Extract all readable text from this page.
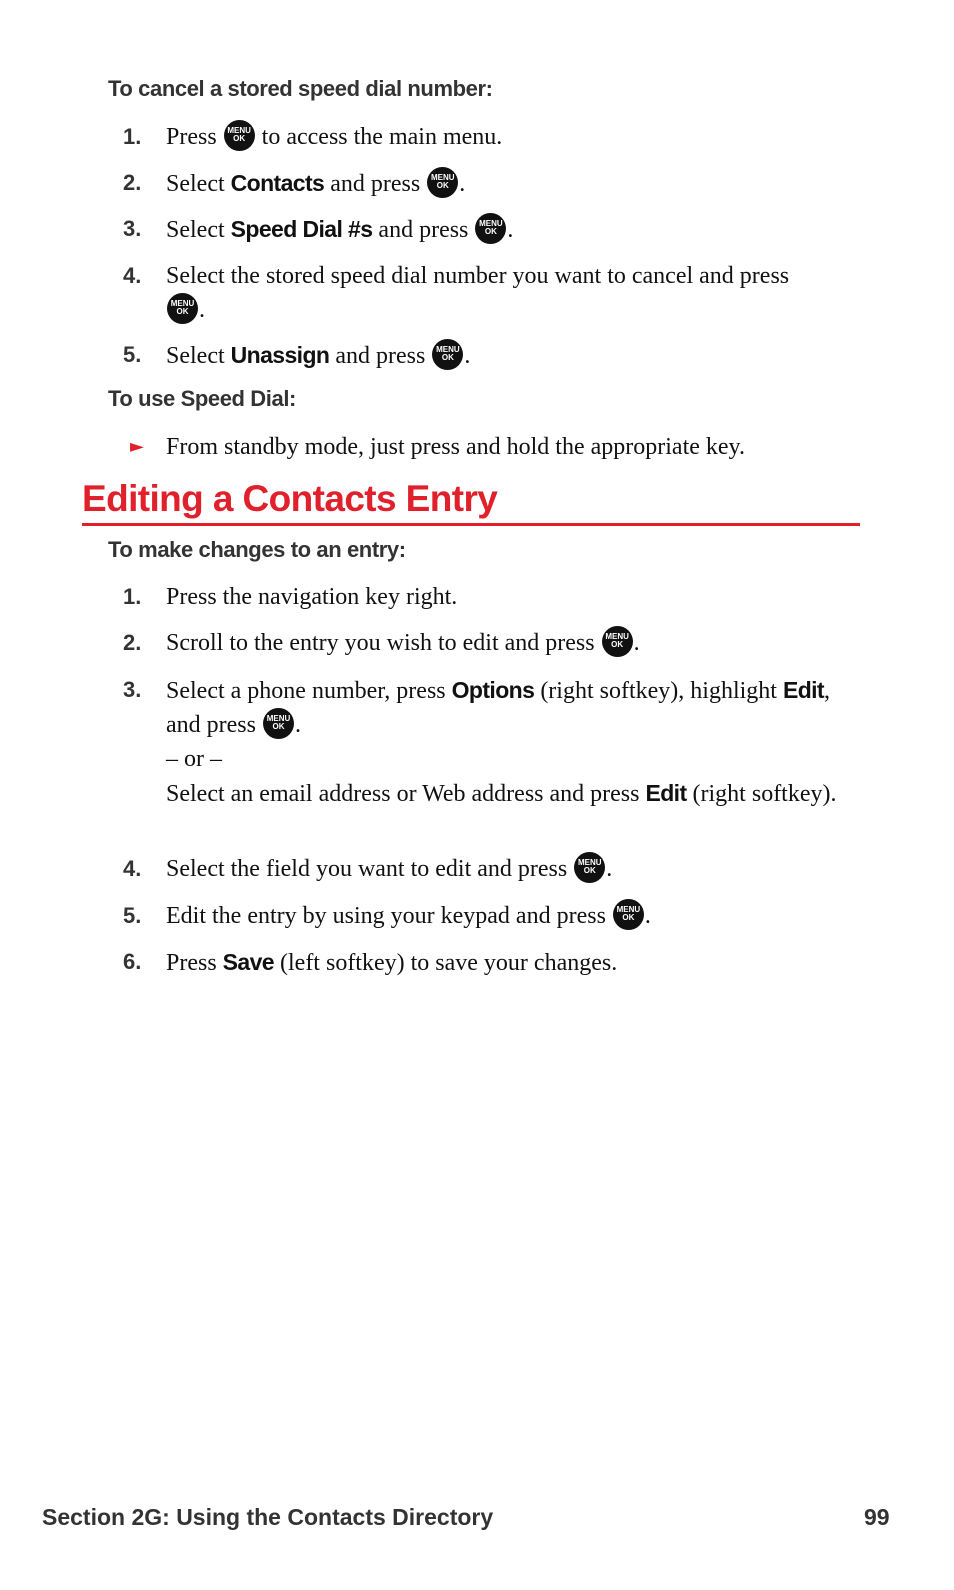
To cancel a stored speed dial number:
1. Press MENU
OK to access the main menu.
2. Select Contacts and press MENU
OK .
3. Select Speed Dial #s and press MENU
OK .
4. Select the stored speed dial number you want to cancel and press
MENU
OK .
5. Select Unassign and press MENU
OK .
To use Speed Dial:
► From standby mode, just press and hold the appropriate key.
Editing a Contacts Entry
To make changes to an entry:
1. Press the navigation key right.
2. Scroll to the entry you wish to edit and press MENU
OK .
3. Select a phone number, press Options (right softkey), highlight Edit, and press MENU
OK .
– or –
Select an email address or Web address and press Edit (right softkey).
4. Select the field you want to edit and press MENU
OK .
5. Edit the entry by using your keypad and press MENU
OK .
6. Press Save (left softkey) to save your changes.
Section 2G: Using the Contacts Directory	99
